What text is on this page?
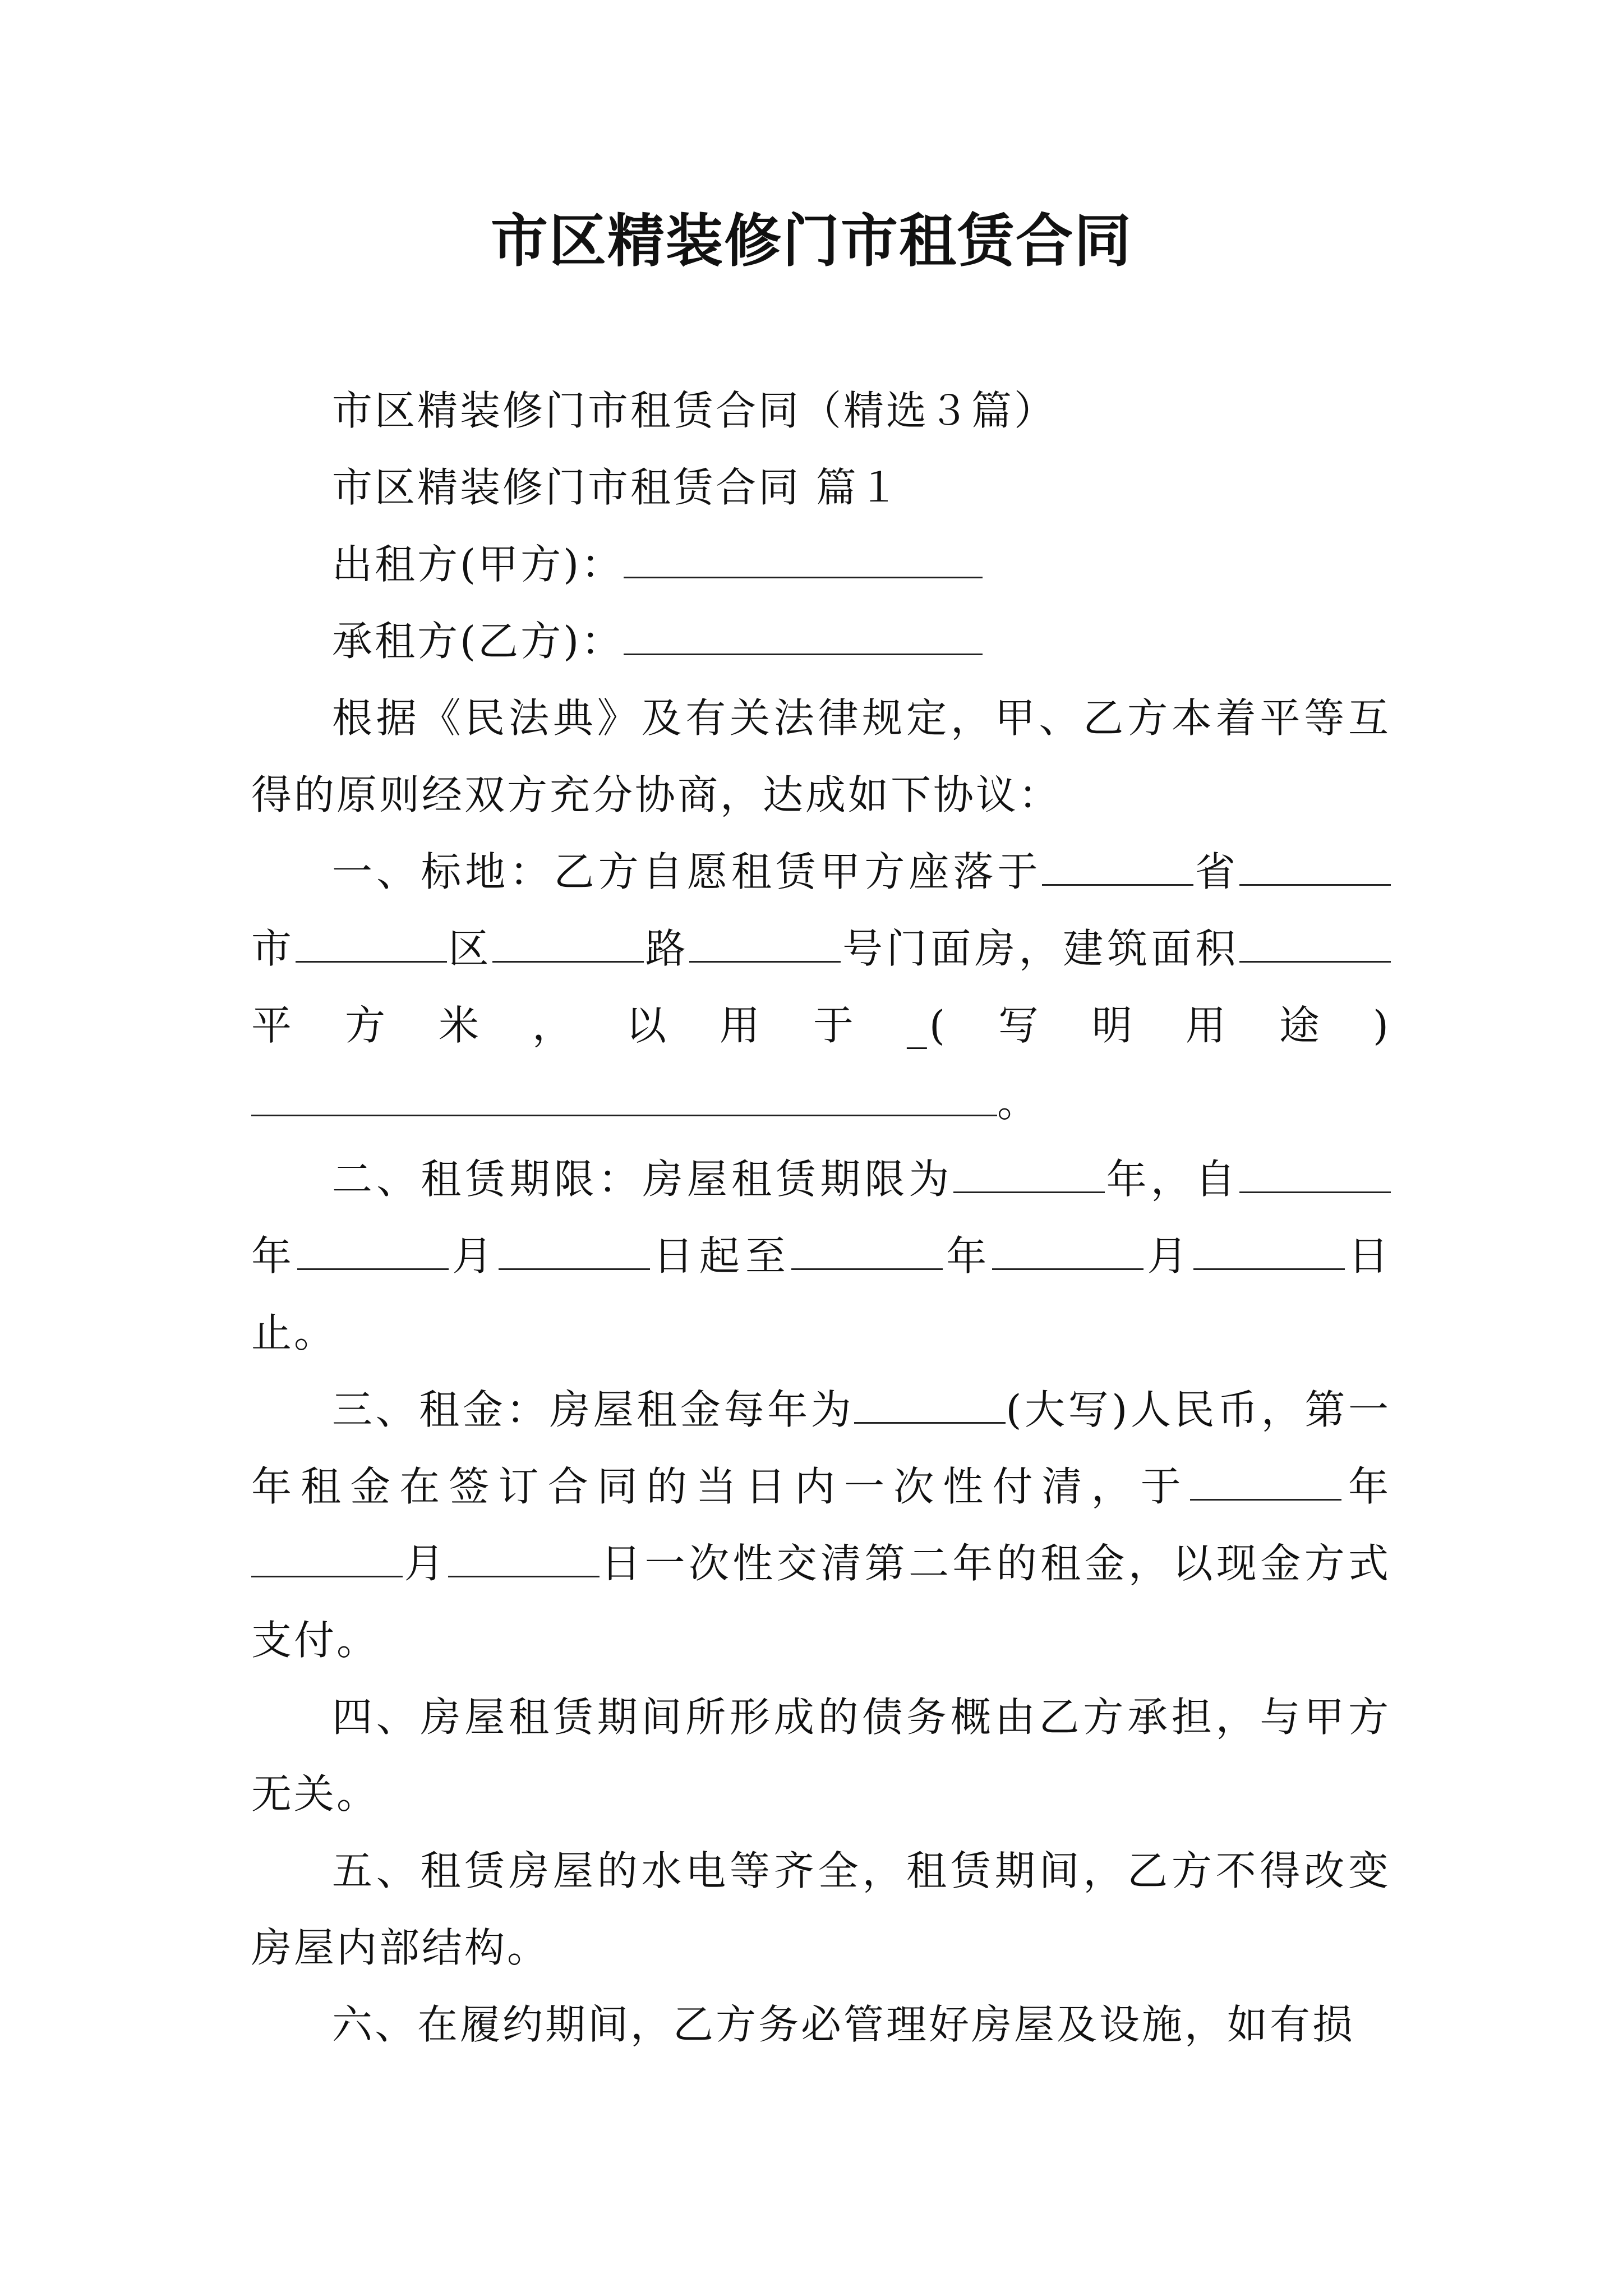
市区精装修门市租赁合同

市区精装修门市租赁合同（精选３篇）

市区精装修门市租赁合同 篇１

出租方(甲方)：

承租方(乙方)：

根据《民法典》及有关法律规定，甲、乙方本着平等互得的原则经双方充分协商，达成如下协议：

一、标地：乙方自愿租赁甲方座落于	省市	区	路	号门面房，建筑面积平方米，以用于_(写明用途)。

二、租赁期限：房屋租赁期限为	年，自年	月	日起至	年	月	日止。

三、租金：房屋租金每年为	(大写)人民币，第一年租金在签订合同的当日内一次性付清，于	年月	日一次性交清第二年的租金，以现金方式支付。

四、房屋租赁期间所形成的债务概由乙方承担，与甲方无关。

五、租赁房屋的水电等齐全，租赁期间，乙方不得改变房屋内部结构。

六、在履约期间，乙方务必管理好房屋及设施，如有损
